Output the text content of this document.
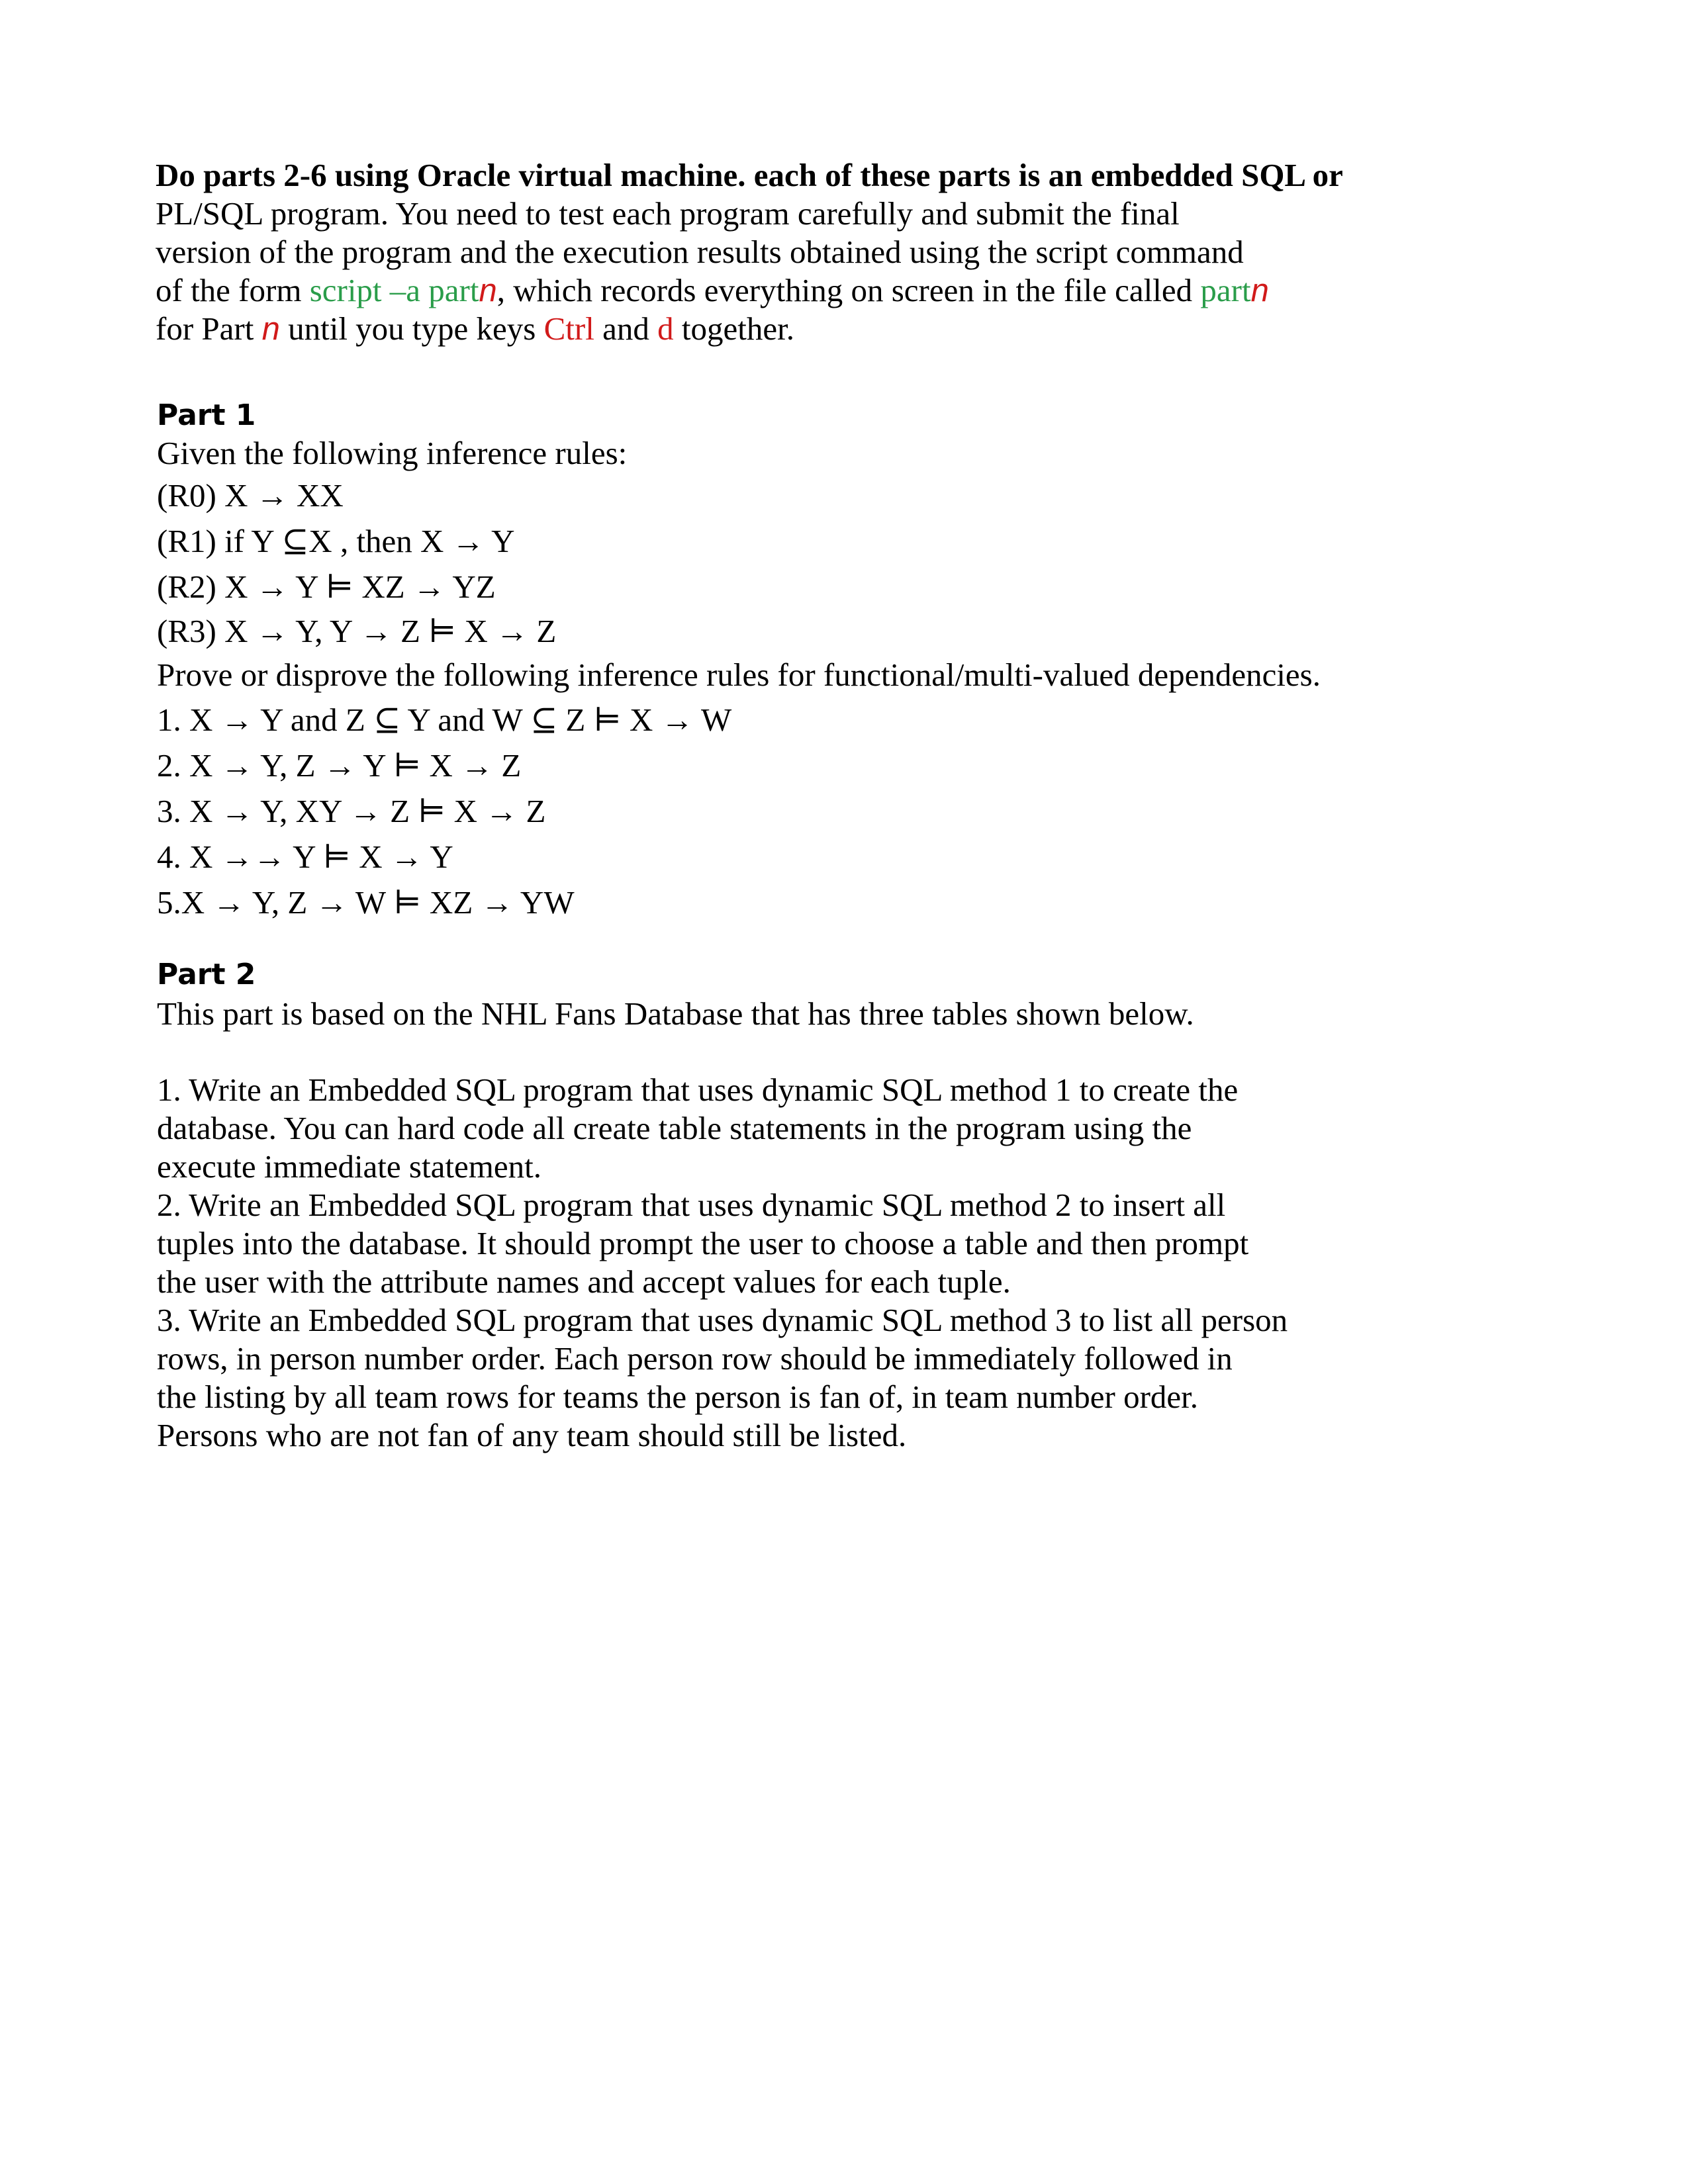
Do parts 2-6 using Oracle virtual machine. each of these parts is an embedded SQL or
PL/SQL program. You need to test each program carefully and submit the final
version of the program and the execution results obtained using the script command
of the form script –a partn, which records everything on screen in the file called partn
for Part n until you type keys Ctrl and d together.
Part 1
Given the following inference rules:
(R0) X → XX
(R1) if Y ⊆X , then X → Y
(R2) X → Y ⊨ XZ → YZ
(R3) X → Y, Y → Z ⊨ X → Z
Prove or disprove the following inference rules for functional/multi-valued dependencies.
1. X → Y and Z ⊆ Y and W ⊆ Z ⊨ X → W
2. X → Y, Z → Y ⊨ X → Z
3. X → Y, XY → Z ⊨ X → Z
4. X →→ Y ⊨ X → Y
5.X → Y, Z → W ⊨ XZ → YW
Part 2
This part is based on the NHL Fans Database that has three tables shown below.
1. Write an Embedded SQL program that uses dynamic SQL method 1 to create the
database. You can hard code all create table statements in the program using the
execute immediate statement.
2. Write an Embedded SQL program that uses dynamic SQL method 2 to insert all
tuples into the database. It should prompt the user to choose a table and then prompt
the user with the attribute names and accept values for each tuple.
3. Write an Embedded SQL program that uses dynamic SQL method 3 to list all person
rows, in person number order. Each person row should be immediately followed in
the listing by all team rows for teams the person is fan of, in team number order.
Persons who are not fan of any team should still be listed.
